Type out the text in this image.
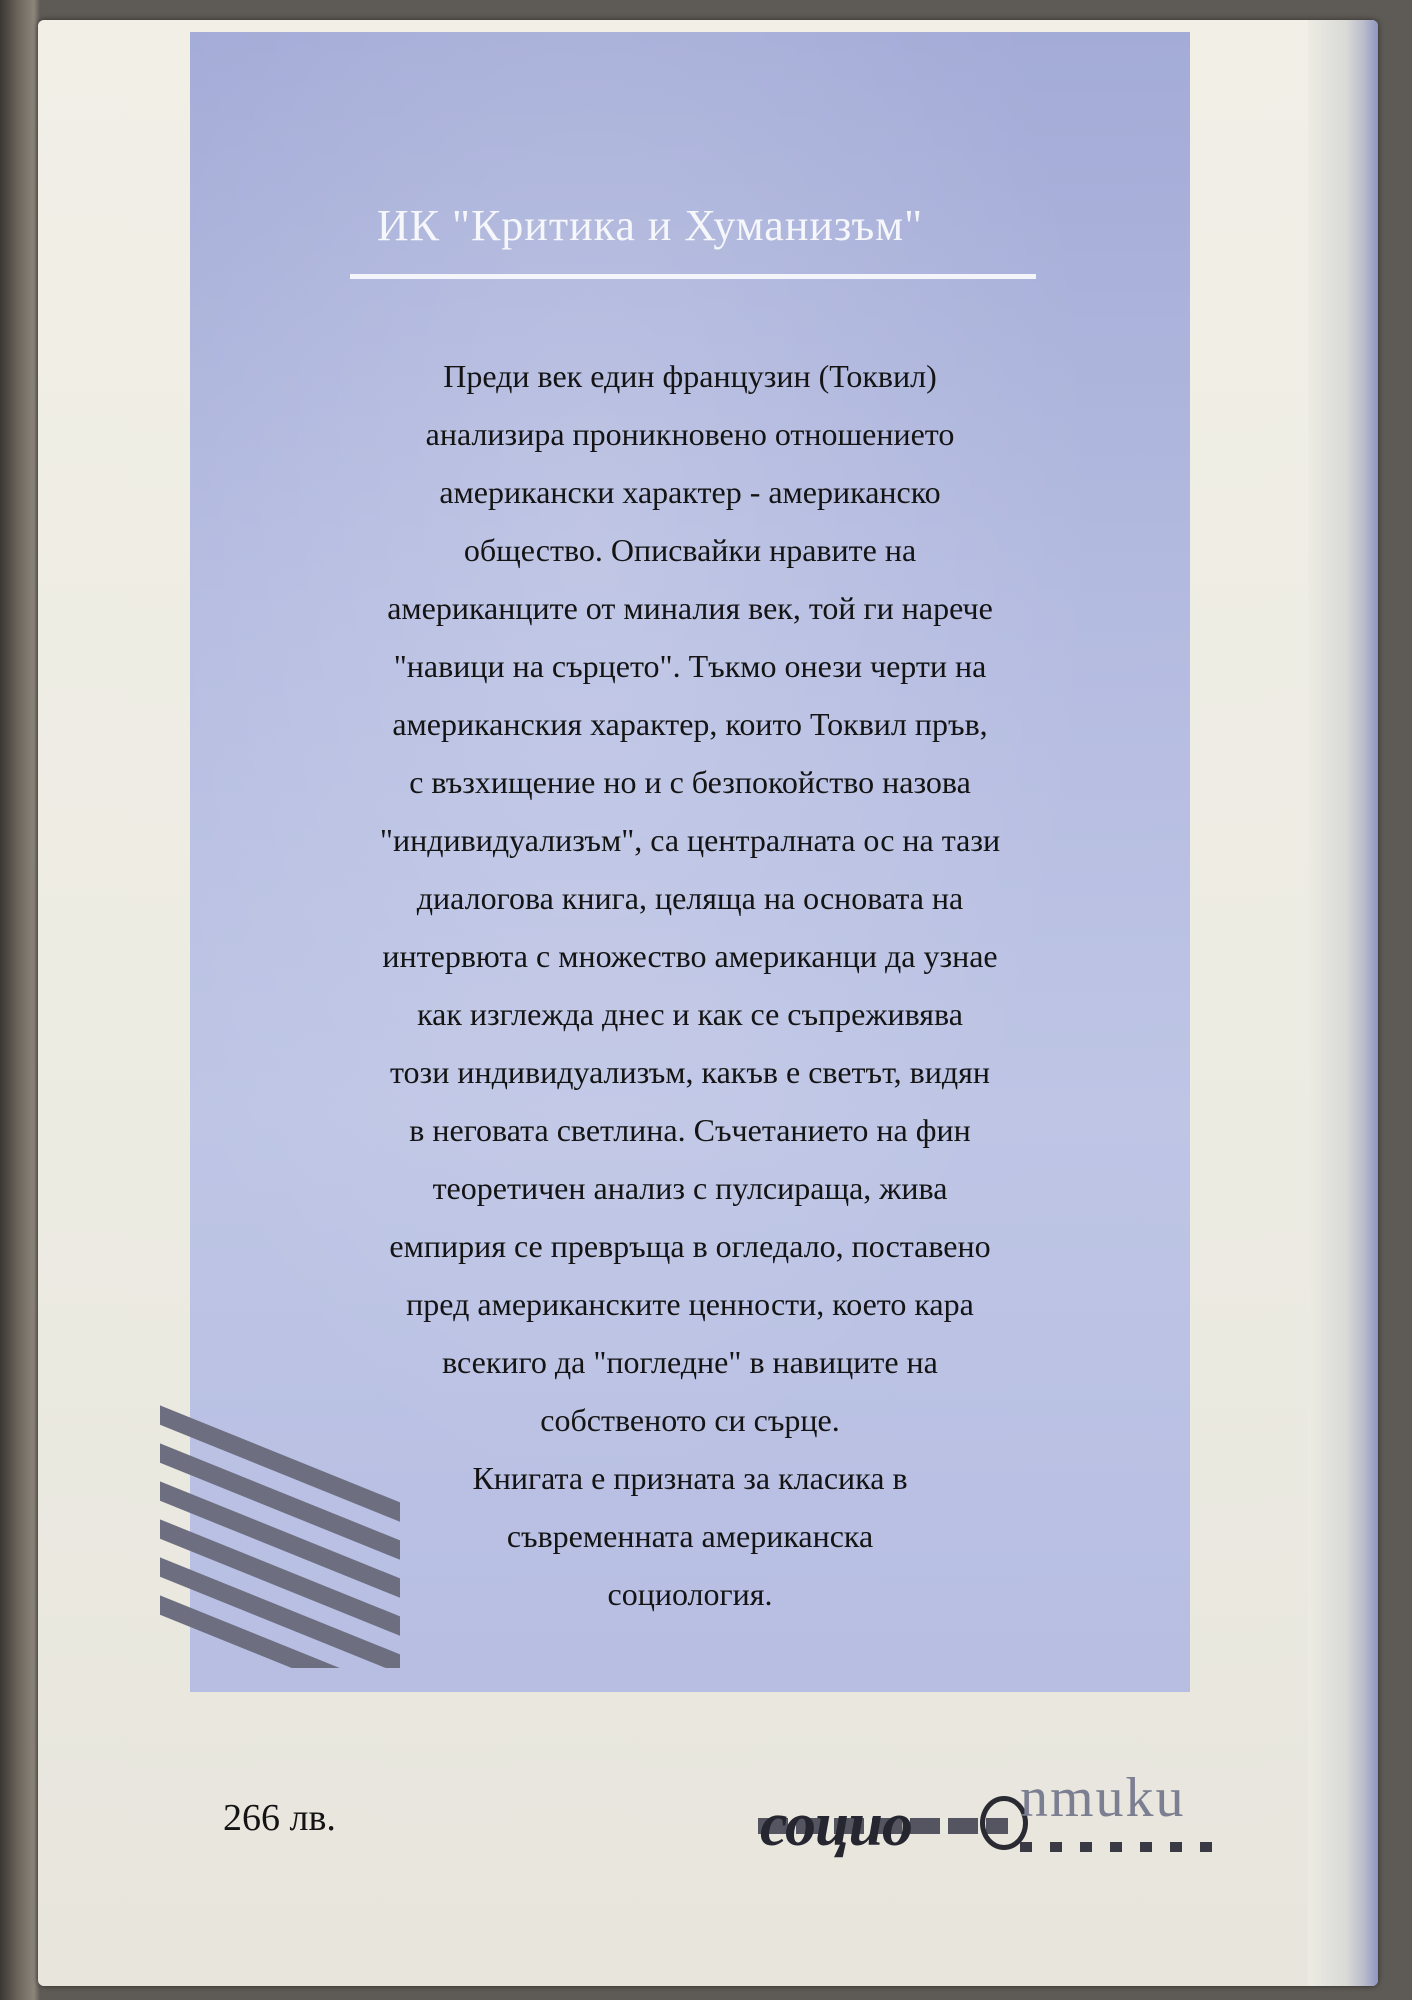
ИК "Критика и Хуманизъм"
Преди век един французин (Токвил)
анализира проникновено отношението
американски характер - американско
общество. Описвайки нравите на
американците от миналия век, той ги нарече
"навици на сърцето". Тъкмо онези черти на
американския характер, които Токвил пръв,
с възхищение но и с безпокойство назова
"индивидуализъм", са централната ос на тази
диалогова книга, целяща на основата на
интервюта с множество американци да узнае
как изглежда днес и как се съпреживява
този индивидуализъм, какъв е светът, видян
в неговата светлина. Съчетанието на фин
теоретичен анализ с пулсираща, жива
емпирия се превръща в огледало, поставено
пред американските ценности, което кара
всекиго да "погледне" в навиците на
собственото си сърце.
Книгата е призната за класика в
съвременната американска
социология.
266 лв.	социо nmuku
